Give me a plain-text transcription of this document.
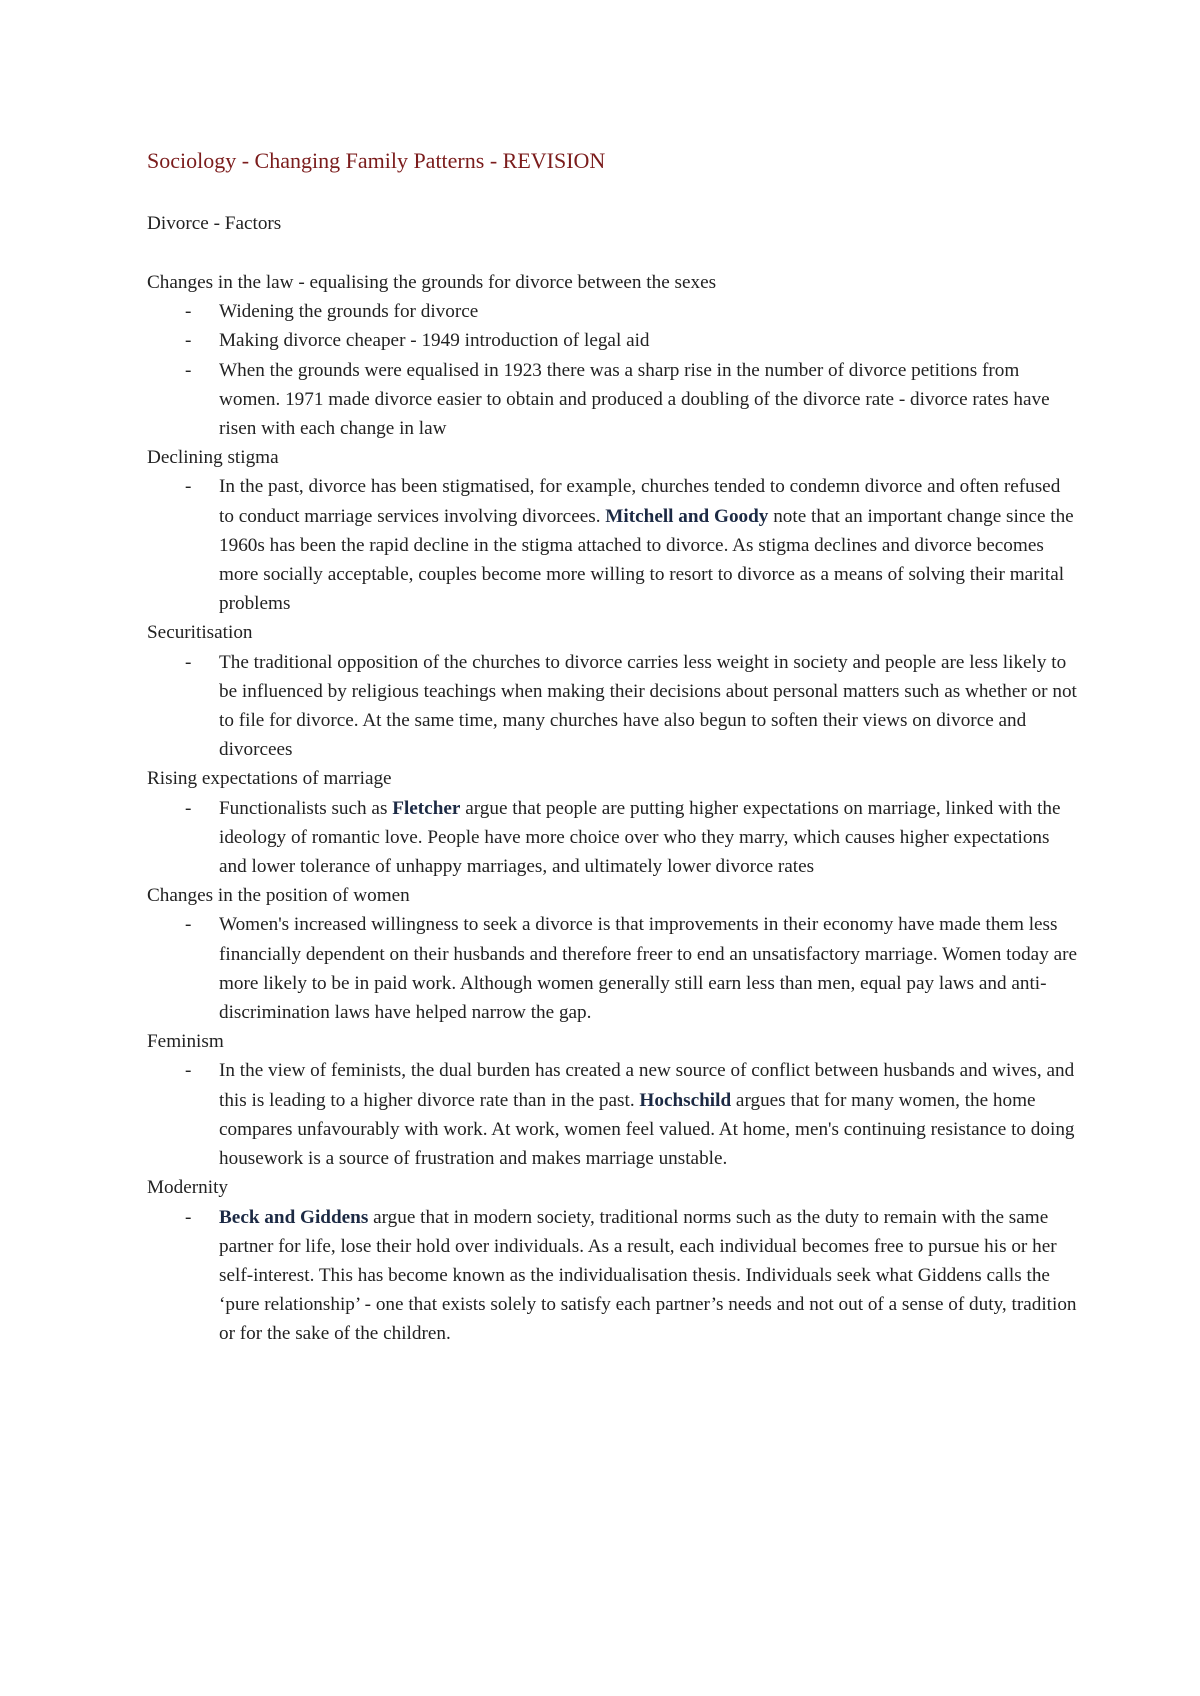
Sociology - Changing Family Patterns - REVISION
Divorce - Factors
Changes in the law - equalising the grounds for divorce between the sexes
- Widening the grounds for divorce
- Making divorce cheaper - 1949 introduction of legal aid
- When the grounds were equalised in 1923 there was a sharp rise in the number of divorce petitions from women. 1971 made divorce easier to obtain and produced a doubling of the divorce rate - divorce rates have risen with each change in law
Declining stigma
- In the past, divorce has been stigmatised, for example, churches tended to condemn divorce and often refused to conduct marriage services involving divorcees. Mitchell and Goody note that an important change since the 1960s has been the rapid decline in the stigma attached to divorce. As stigma declines and divorce becomes more socially acceptable, couples become more willing to resort to divorce as a means of solving their marital problems
Securitisation
- The traditional opposition of the churches to divorce carries less weight in society and people are less likely to be influenced by religious teachings when making their decisions about personal matters such as whether or not to file for divorce. At the same time, many churches have also begun to soften their views on divorce and divorcees
Rising expectations of marriage
- Functionalists such as Fletcher argue that people are putting higher expectations on marriage, linked with the ideology of romantic love. People have more choice over who they marry, which causes higher expectations and lower tolerance of unhappy marriages, and ultimately lower divorce rates
Changes in the position of women
- Women's increased willingness to seek a divorce is that improvements in their economy have made them less financially dependent on their husbands and therefore freer to end an unsatisfactory marriage. Women today are more likely to be in paid work. Although women generally still earn less than men, equal pay laws and anti-discrimination laws have helped narrow the gap.
Feminism
- In the view of feminists, the dual burden has created a new source of conflict between husbands and wives, and this is leading to a higher divorce rate than in the past. Hochschild argues that for many women, the home compares unfavourably with work. At work, women feel valued. At home, men's continuing resistance to doing housework is a source of frustration and makes marriage unstable.
Modernity
- Beck and Giddens argue that in modern society, traditional norms such as the duty to remain with the same partner for life, lose their hold over individuals. As a result, each individual becomes free to pursue his or her self-interest. This has become known as the individualisation thesis. Individuals seek what Giddens calls the ‘pure relationship’ - one that exists solely to satisfy each partner’s needs and not out of a sense of duty, tradition or for the sake of the children.
